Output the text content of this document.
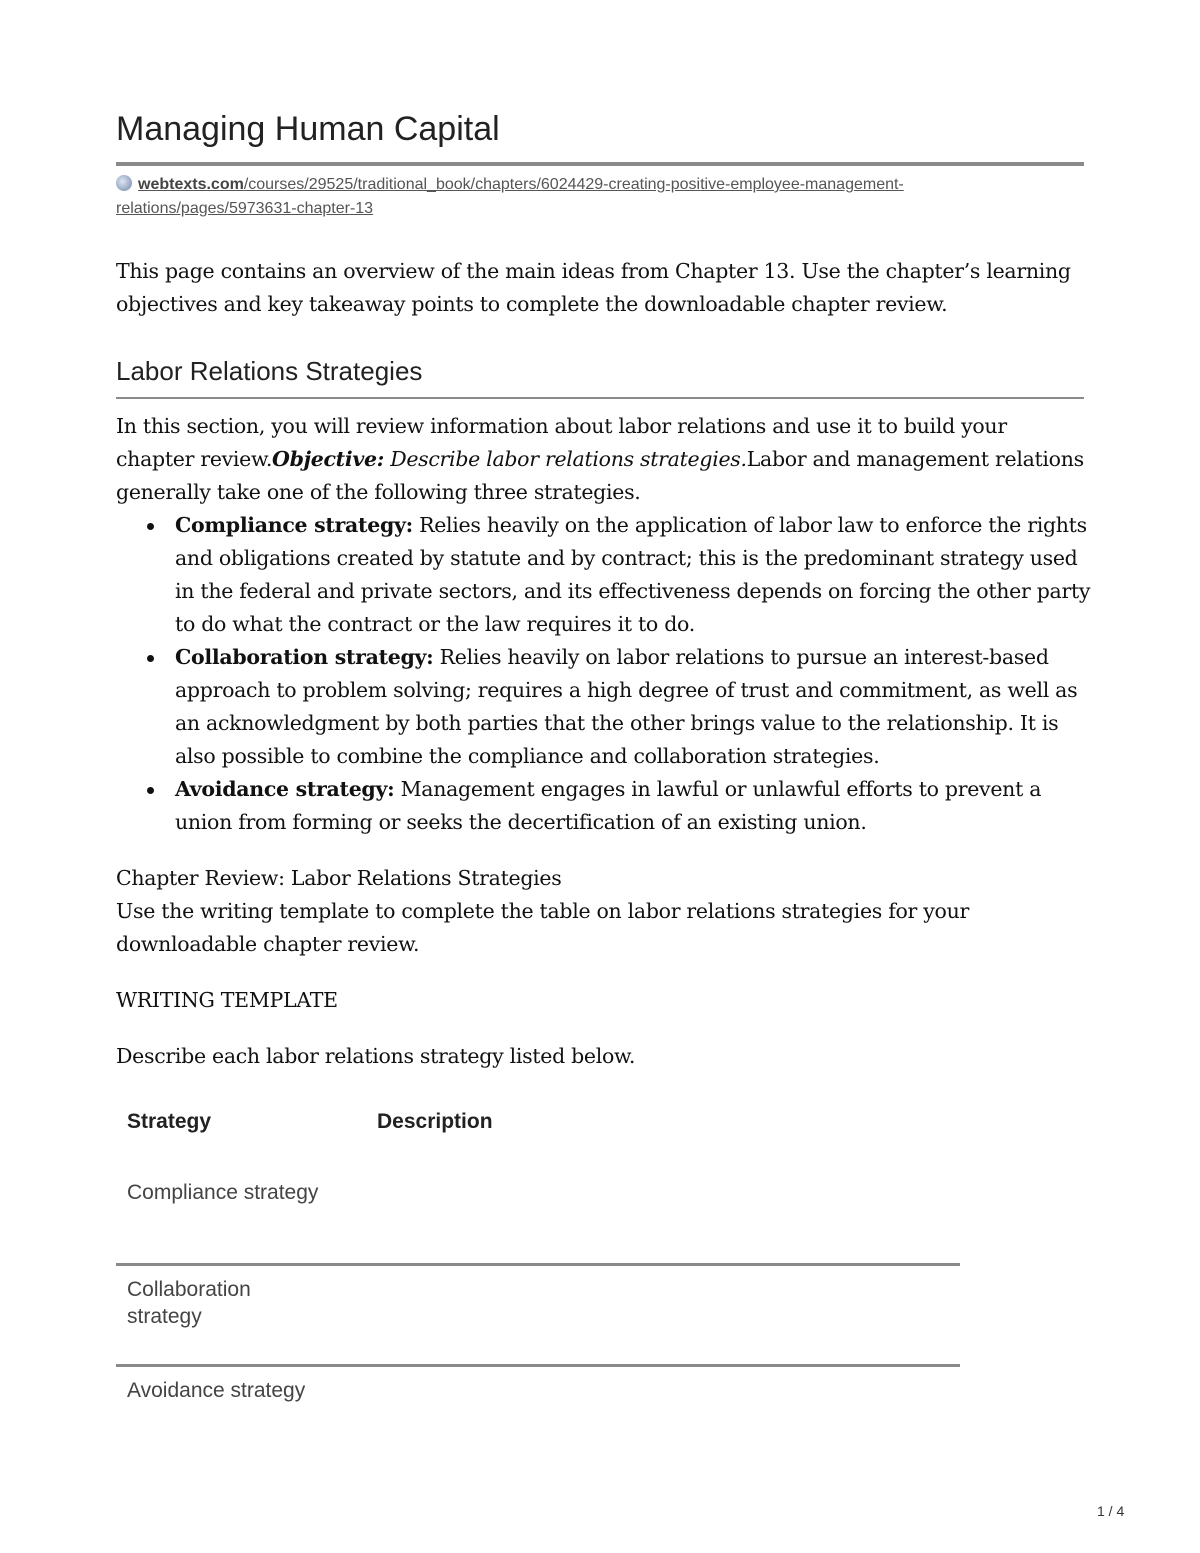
Managing Human Capital
webtexts.com/courses/29525/traditional_book/chapters/6024429-creating-positive-employee-management-relations/pages/5973631-chapter-13
This page contains an overview of the main ideas from Chapter 13. Use the chapter’s learning objectives and key takeaway points to complete the downloadable chapter review.
Labor Relations Strategies
In this section, you will review information about labor relations and use it to build your chapter review.Objective: Describe labor relations strategies.Labor and management relations generally take one of the following three strategies.
Compliance strategy: Relies heavily on the application of labor law to enforce the rights and obligations created by statute and by contract; this is the predominant strategy used in the federal and private sectors, and its effectiveness depends on forcing the other party to do what the contract or the law requires it to do.
Collaboration strategy: Relies heavily on labor relations to pursue an interest-based approach to problem solving; requires a high degree of trust and commitment, as well as an acknowledgment by both parties that the other brings value to the relationship. It is also possible to combine the compliance and collaboration strategies.
Avoidance strategy: Management engages in lawful or unlawful efforts to prevent a union from forming or seeks the decertification of an existing union.
Chapter Review: Labor Relations Strategies
Use the writing template to complete the table on labor relations strategies for your downloadable chapter review.
WRITING TEMPLATE
Describe each labor relations strategy listed below.
Strategy	Description
Compliance strategy	
Collaboration strategy	
Avoidance strategy	
1 / 4
